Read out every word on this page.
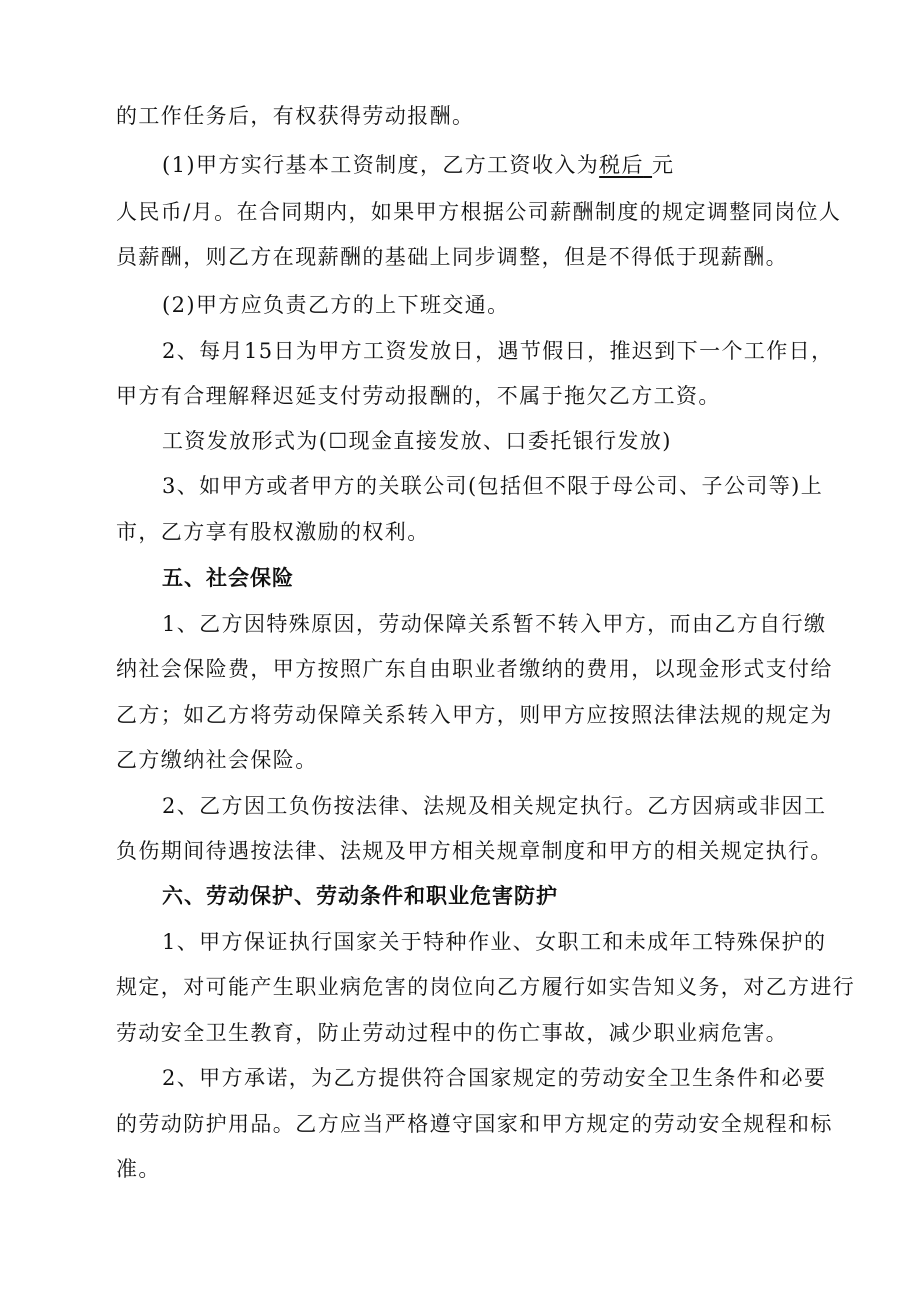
的工作任务后，有权获得劳动报酬。
(1)甲方实行基本工资制度，乙方工资收入为税后 元
人民币/月。在合同期内，如果甲方根据公司薪酬制度的规定调整同岗位人
员薪酬，则乙方在现薪酬的基础上同步调整，但是不得低于现薪酬。
(2)甲方应负责乙方的上下班交通。
2、每月15日为甲方工资发放日，遇节假日，推迟到下一个工作日，
甲方有合理解释迟延支付劳动报酬的，不属于拖欠乙方工资。
工资发放形式为(☐现金直接发放、口委托银行发放)
3、如甲方或者甲方的关联公司(包括但不限于母公司、子公司等)上
市，乙方享有股权激励的权利。
五、社会保险
1、乙方因特殊原因，劳动保障关系暂不转入甲方，而由乙方自行缴
纳社会保险费，甲方按照广东自由职业者缴纳的费用，以现金形式支付给
乙方；如乙方将劳动保障关系转入甲方，则甲方应按照法律法规的规定为
乙方缴纳社会保险。
2、乙方因工负伤按法律、法规及相关规定执行。乙方因病或非因工
负伤期间待遇按法律、法规及甲方相关规章制度和甲方的相关规定执行。
六、劳动保护、劳动条件和职业危害防护
1、甲方保证执行国家关于特种作业、女职工和未成年工特殊保护的
规定，对可能产生职业病危害的岗位向乙方履行如实告知义务，对乙方进行
劳动安全卫生教育，防止劳动过程中的伤亡事故，减少职业病危害。
2、甲方承诺，为乙方提供符合国家规定的劳动安全卫生条件和必要
的劳动防护用品。乙方应当严格遵守国家和甲方规定的劳动安全规程和标
准。
